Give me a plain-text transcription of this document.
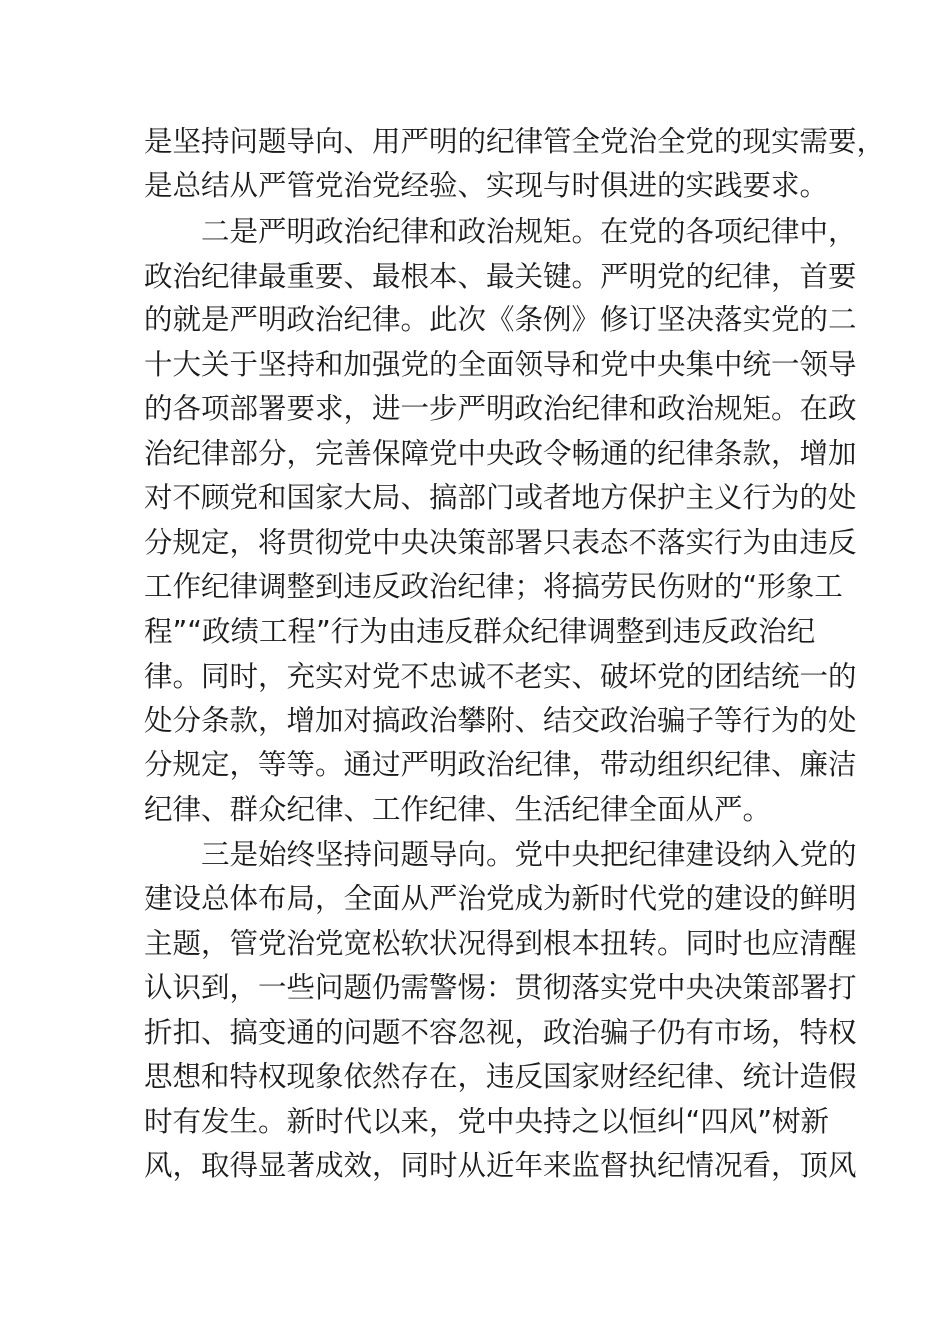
是坚持问题导向、用严明的纪律管全党治全党的现实需要，
是总结从严管党治党经验、实现与时俱进的实践要求。
二是严明政治纪律和政治规矩。在党的各项纪律中，
政治纪律最重要、最根本、最关键。严明党的纪律，首要
的就是严明政治纪律。此次《条例》修订坚决落实党的二
十大关于坚持和加强党的全面领导和党中央集中统一领导
的各项部署要求，进一步严明政治纪律和政治规矩。在政
治纪律部分，完善保障党中央政令畅通的纪律条款，增加
对不顾党和国家大局、搞部门或者地方保护主义行为的处
分规定，将贯彻党中央决策部署只表态不落实行为由违反
工作纪律调整到违反政治纪律；将搞劳民伤财的“形象工
程”“政绩工程”行为由违反群众纪律调整到违反政治纪
律。同时，充实对党不忠诚不老实、破坏党的团结统一的
处分条款，增加对搞政治攀附、结交政治骗子等行为的处
分规定，等等。通过严明政治纪律，带动组织纪律、廉洁
纪律、群众纪律、工作纪律、生活纪律全面从严。
三是始终坚持问题导向。党中央把纪律建设纳入党的
建设总体布局，全面从严治党成为新时代党的建设的鲜明
主题，管党治党宽松软状况得到根本扭转。同时也应清醒
认识到，一些问题仍需警惕：贯彻落实党中央决策部署打
折扣、搞变通的问题不容忽视，政治骗子仍有市场，特权
思想和特权现象依然存在，违反国家财经纪律、统计造假
时有发生。新时代以来，党中央持之以恒纠“四风”树新
风，取得显著成效，同时从近年来监督执纪情况看，顶风
